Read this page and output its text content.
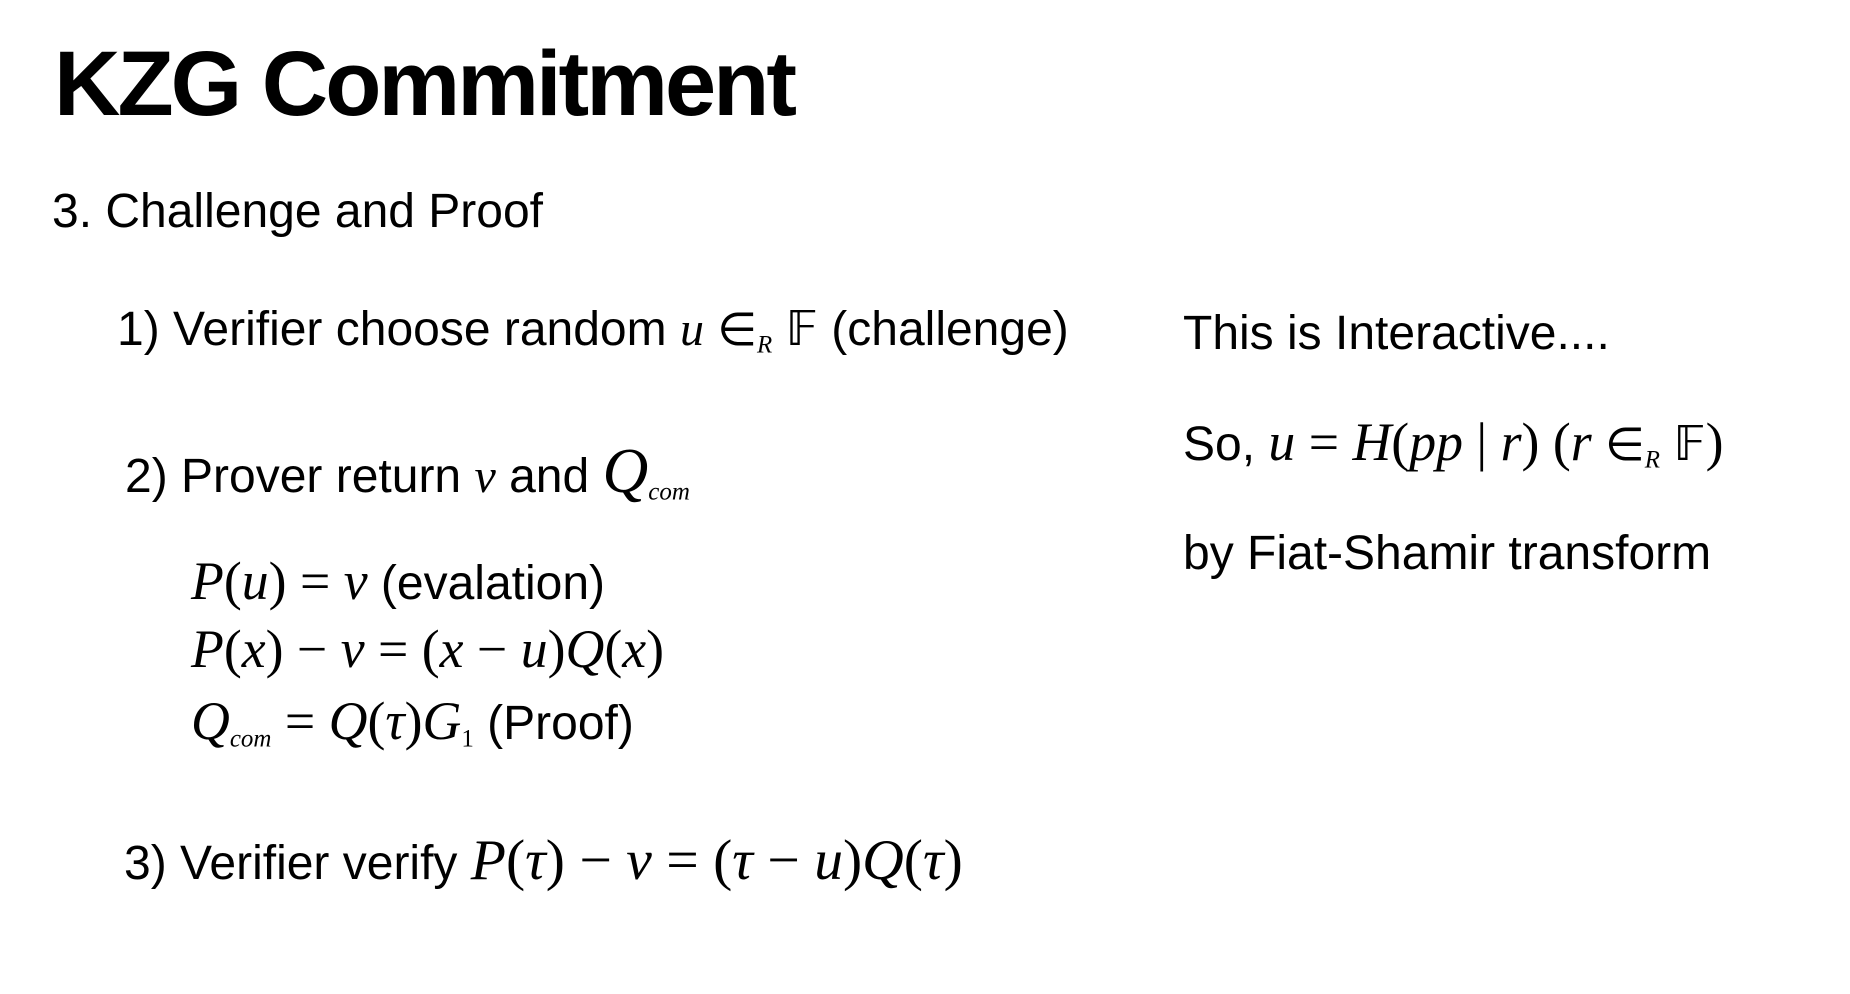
KZG Commitment
3. Challenge and Proof
1) Verifier choose random u ∈R 𝔽 (challenge) This is Interactive....
So, u = H(pp | r) (r ∈R 𝔽)
2) Prover return v and Qcom
by Fiat-Shamir transform
P(u) = v (evalation)
P(x) − v = (x − u)Q(x)
Qcom = Q(τ)G1 (Proof)
3) Verifier verify P(τ) − v = (τ − u)Q(τ)
